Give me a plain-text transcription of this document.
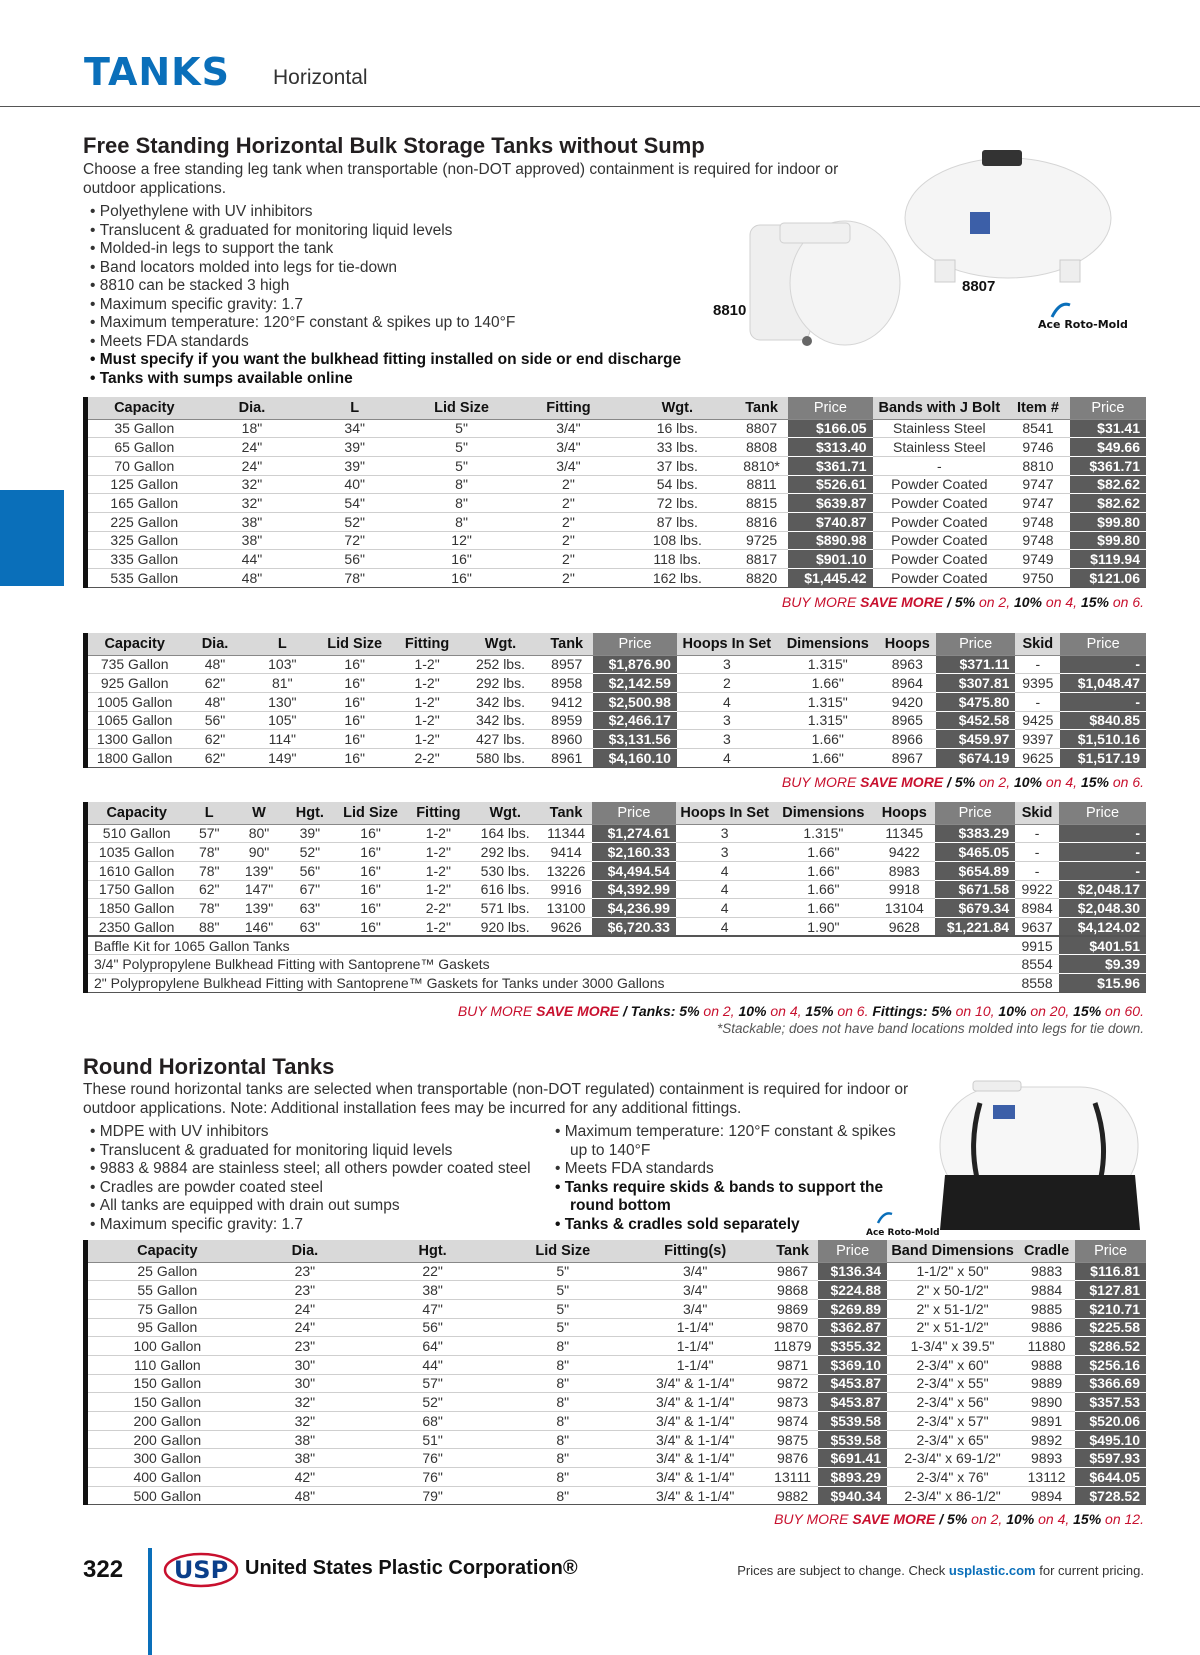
TANKS Horizontal
Free Standing Horizontal Bulk Storage Tanks without Sump
Choose a free standing leg tank when transportable (non-DOT approved) containment is required for indoor or outdoor applications.
• Polyethylene with UV inhibitors
• Translucent & graduated for monitoring liquid levels
• Molded-in legs to support the tank
• Band locators molded into legs for tie-down
• 8810 can be stacked 3 high
• Maximum specific gravity: 1.7
• Maximum temperature: 120°F constant & spikes up to 140°F
• Meets FDA standards
• Must specify if you want the bulkhead fitting installed on side or end discharge
• Tanks with sumps available online
8810
8807
Ace Roto-Mold
Capacity	Dia.	L	Lid Size	Fitting	Wgt.	Tank	Price	Bands with J Bolt	Item #	Price
35 Gallon	18"	34"	5"	3/4"	16 lbs.	8807	$166.05	Stainless Steel	8541	$31.41
65 Gallon	24"	39"	5"	3/4"	33 lbs.	8808	$313.40	Stainless Steel	9746	$49.66
70 Gallon	24"	39"	5"	3/4"	37 lbs.	8810*	$361.71	-	8810	$361.71
125 Gallon	32"	40"	8"	2"	54 lbs.	8811	$526.61	Powder Coated	9747	$82.62
165 Gallon	32"	54"	8"	2"	72 lbs.	8815	$639.87	Powder Coated	9747	$82.62
225 Gallon	38"	52"	8"	2"	87 lbs.	8816	$740.87	Powder Coated	9748	$99.80
325 Gallon	38"	72"	12"	2"	108 lbs.	9725	$890.98	Powder Coated	9748	$99.80
335 Gallon	44"	56"	16"	2"	118 lbs.	8817	$901.10	Powder Coated	9749	$119.94
535 Gallon	48"	78"	16"	2"	162 lbs.	8820	$1,445.42	Powder Coated	9750	$121.06
BUY MORE SAVE MORE / 5% on 2, 10% on 4, 15% on 6.
Capacity	Dia.	L	Lid Size	Fitting	Wgt.	Tank	Price	Hoops In Set	Dimensions	Hoops	Price	Skid	Price
735 Gallon	48"	103"	16"	1-2"	252 lbs.	8957	$1,876.90	3	1.315"	8963	$371.11	-	-
925 Gallon	62"	81"	16"	1-2"	292 lbs.	8958	$2,142.59	2	1.66"	8964	$307.81	9395	$1,048.47
1005 Gallon	48"	130"	16"	1-2"	342 lbs.	9412	$2,500.98	4	1.315"	9420	$475.80	-	-
1065 Gallon	56"	105"	16"	1-2"	342 lbs.	8959	$2,466.17	3	1.315"	8965	$452.58	9425	$840.85
1300 Gallon	62"	114"	16"	1-2"	427 lbs.	8960	$3,131.56	3	1.66"	8966	$459.97	9397	$1,510.16
1800 Gallon	62"	149"	16"	2-2"	580 lbs.	8961	$4,160.10	4	1.66"	8967	$674.19	9625	$1,517.19
BUY MORE SAVE MORE / 5% on 2, 10% on 4, 15% on 6.
Capacity	L	W	Hgt.	Lid Size	Fitting	Wgt.	Tank	Price	Hoops In Set	Dimensions	Hoops	Price	Skid	Price
510 Gallon	57"	80"	39"	16"	1-2"	164 lbs.	11344	$1,274.61	3	1.315"	11345	$383.29	-	-
1035 Gallon	78"	90"	52"	16"	1-2"	292 lbs.	9414	$2,160.33	3	1.66"	9422	$465.05	-	-
1610 Gallon	78"	139"	56"	16"	1-2"	530 lbs.	13226	$4,494.54	4	1.66"	8983	$654.89	-	-
1750 Gallon	62"	147"	67"	16"	1-2"	616 lbs.	9916	$4,392.99	4	1.66"	9918	$671.58	9922	$2,048.17
1850 Gallon	78"	139"	63"	16"	2-2"	571 lbs.	13100	$4,236.99	4	1.66"	13104	$679.34	8984	$2,048.30
2350 Gallon	88"	146"	63"	16"	1-2"	920 lbs.	9626	$6,720.33	4	1.90"	9628	$1,221.84	9637	$4,124.02
Baffle Kit for 1065 Gallon Tanks													9915	$401.51
3/4" Polypropylene Bulkhead Fitting with Santoprene™ Gaskets													8554	$9.39
2" Polypropylene Bulkhead Fitting with Santoprene™ Gaskets for Tanks under 3000 Gallons													8558	$15.96
BUY MORE SAVE MORE / Tanks: 5% on 2, 10% on 4, 15% on 6. Fittings: 5% on 10, 10% on 20, 15% on 60.
*Stackable; does not have band locations molded into legs for tie down.
Round Horizontal Tanks
These round horizontal tanks are selected when transportable (non-DOT regulated) containment is required for indoor or outdoor applications. Note: Additional installation fees may be incurred for any additional fittings.
• MDPE with UV inhibitors
• Translucent & graduated for monitoring liquid levels
• 9883 & 9884 are stainless steel; all others powder coated steel
• Cradles are powder coated steel
• All tanks are equipped with drain out sumps
• Maximum specific gravity: 1.7
• Maximum temperature: 120°F constant & spikes
up to 140°F
• Meets FDA standards
• Tanks require skids & bands to support the
round bottom
• Tanks & cradles sold separately
Ace Roto-Mold
Capacity	Dia.	Hgt.	Lid Size	Fitting(s)	Tank	Price	Band Dimensions	Cradle	Price
25 Gallon	23"	22"	5"	3/4"	9867	$136.34	1-1/2" x 50"	9883	$116.81
55 Gallon	23"	38"	5"	3/4"	9868	$224.88	2" x 50-1/2"	9884	$127.81
75 Gallon	24"	47"	5"	3/4"	9869	$269.89	2" x 51-1/2"	9885	$210.71
95 Gallon	24"	56"	5"	1-1/4"	9870	$362.87	2" x 51-1/2"	9886	$225.58
100 Gallon	23"	64"	8"	1-1/4"	11879	$355.32	1-3/4" x 39.5"	11880	$286.52
110 Gallon	30"	44"	8"	1-1/4"	9871	$369.10	2-3/4" x 60"	9888	$256.16
150 Gallon	30"	57"	8"	3/4" & 1-1/4"	9872	$453.87	2-3/4" x 55"	9889	$366.69
150 Gallon	32"	52"	8"	3/4" & 1-1/4"	9873	$453.87	2-3/4" x 56"	9890	$357.53
200 Gallon	32"	68"	8"	3/4" & 1-1/4"	9874	$539.58	2-3/4" x 57"	9891	$520.06
200 Gallon	38"	51"	8"	3/4" & 1-1/4"	9875	$539.58	2-3/4" x 65"	9892	$495.10
300 Gallon	38"	76"	8"	3/4" & 1-1/4"	9876	$691.41	2-3/4" x 69-1/2"	9893	$597.93
400 Gallon	42"	76"	8"	3/4" & 1-1/4"	13111	$893.29	2-3/4" x 76"	13112	$644.05
500 Gallon	48"	79"	8"	3/4" & 1-1/4"	9882	$940.34	2-3/4" x 86-1/2"	9894	$728.52
BUY MORE SAVE MORE / 5% on 2, 10% on 4, 15% on 12.
322 USP United States Plastic Corporation®	Prices are subject to change. Check usplastic.com for current pricing.
